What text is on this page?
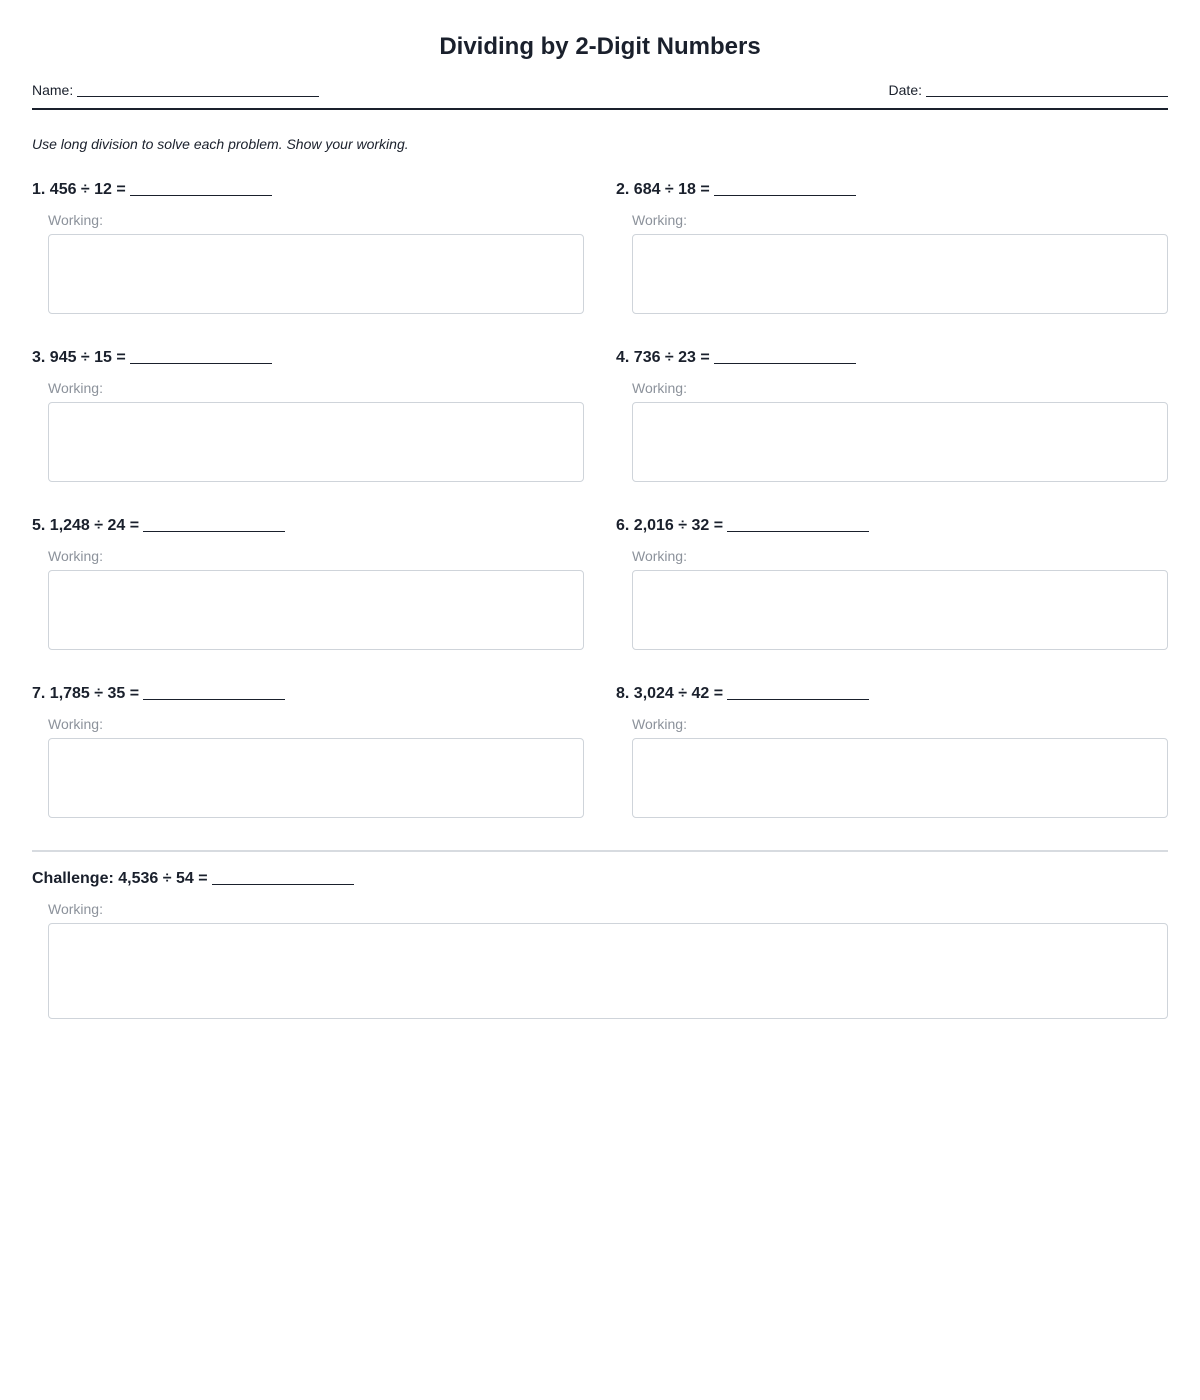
Dividing by 2-Digit Numbers
Name:	Date:

Use long division to solve each problem. Show your working.

1. 456 ÷ 12 =
Working:
2. 684 ÷ 18 =
Working:
3. 945 ÷ 15 =
Working:
4. 736 ÷ 23 =
Working:
5. 1,248 ÷ 24 =
Working:
6. 2,016 ÷ 32 =
Working:
7. 1,785 ÷ 35 =
Working:
8. 3,024 ÷ 42 =
Working:
Challenge: 4,536 ÷ 54 =
Working:
